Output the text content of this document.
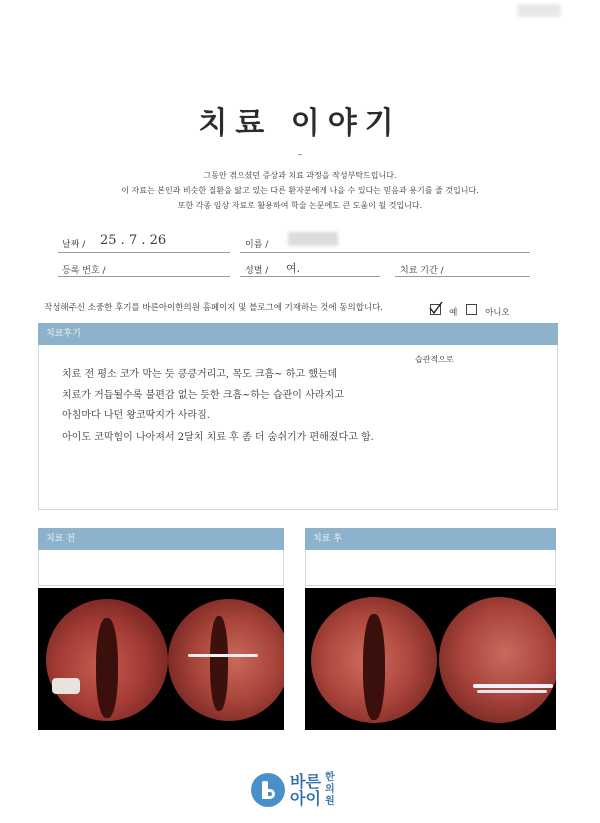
치료 이야기
–
그동안 겪으셨던 증상과 치료 과정을 작성부탁드립니다.
이 자료는 본인과 비슷한 질환을 앓고 있는 다른 환자분에게 나을 수 있다는 믿음과 용기를 줄 것입니다.
또한 각종 임상 자료로 활용하여 학술 논문에도 큰 도움이 될 것입니다.
날짜 / 25 . 7 . 26	이름 /
등록 번호 /	성별 / 여.	치료 기간 /
작성해주신 소중한 후기를 바른아이한의원 홈페이지 및 블로그에 기재하는 것에 동의합니다.	예	아니오
치료후기
습관적으로
치료 전 평소 코가 막는 듯 킁킁거리고, 목도 크흠~ 하고 했는데
치료가 거듭될수록 불편감 없는 듯한 크흠~하는 습관이 사라지고
아침마다 나던 왕코딱지가 사라짐.
아이도 코막힘이 나아져서 2달치 치료 후 좀 더 숨쉬기가 편해졌다고 함.
치료 전	치료 후
바른
아이
한의원
